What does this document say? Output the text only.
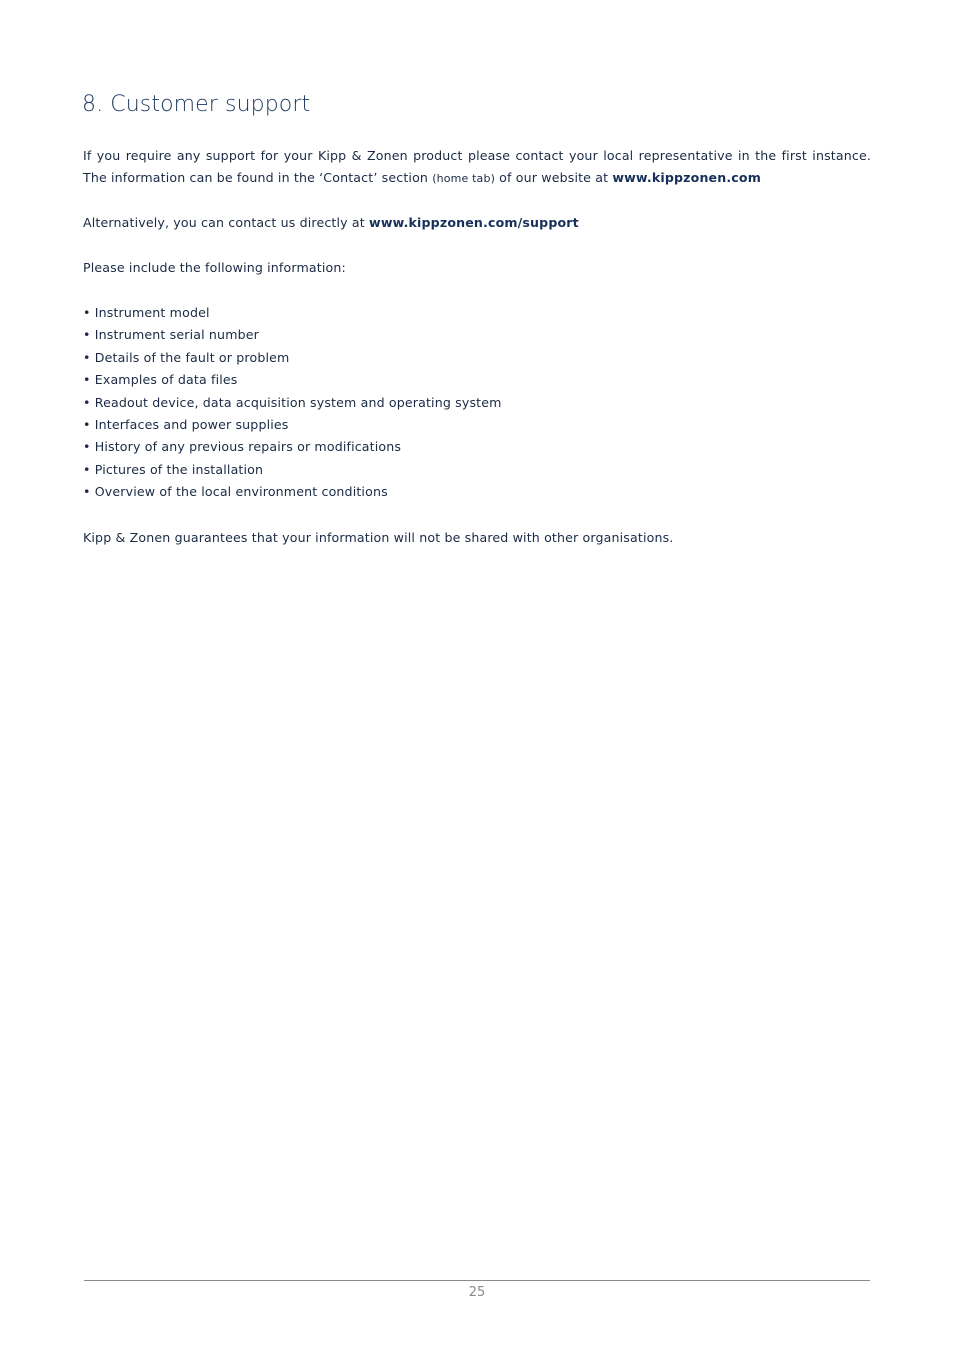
8. Customer support
If you require any support for your Kipp & Zonen product please contact your local representative in the first instance. The information can be found in the ‘Contact’ section (home tab) of our website at www.kippzonen.com
Alternatively, you can contact us directly at www.kippzonen.com/support
Please include the following information:
• Instrument model
• Instrument serial number
• Details of the fault or problem
• Examples of data files
• Readout device, data acquisition system and operating system
• Interfaces and power supplies
• History of any previous repairs or modifications
• Pictures of the installation
• Overview of the local environment conditions
Kipp & Zonen guarantees that your information will not be shared with other organisations.
25
